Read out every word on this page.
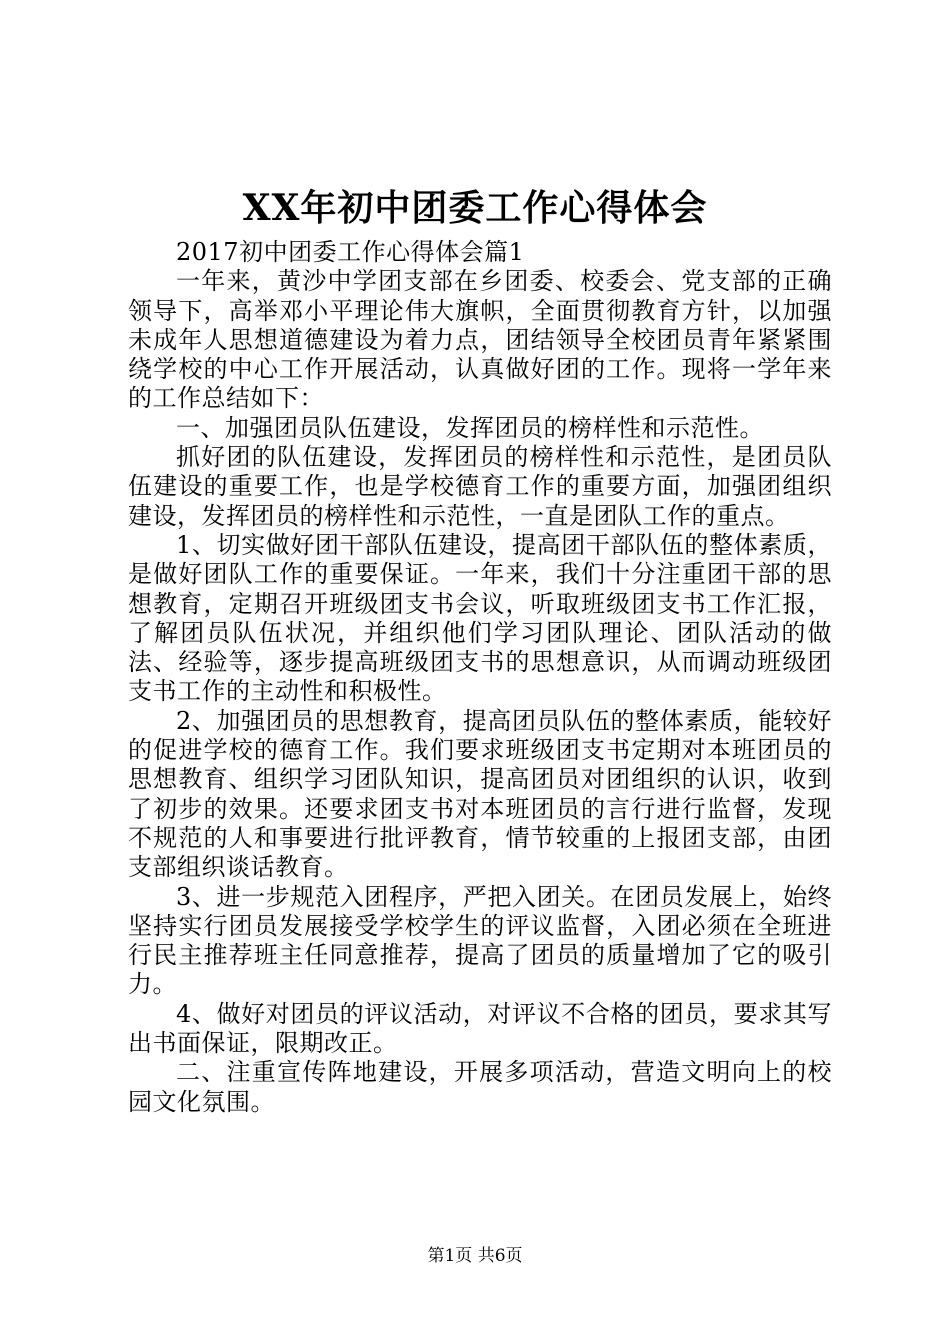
XX年初中团委工作心得体会

2017初中团委工作心得体会篇1

一年来，黄沙中学团支部在乡团委、校委会、党支部的正确领导下，高举邓小平理论伟大旗帜，全面贯彻教育方针，以加强未成年人思想道德建设为着力点，团结领导全校团员青年紧紧围绕学校的中心工作开展活动，认真做好团的工作。现将一学年来的工作总结如下：

一、加强团员队伍建设，发挥团员的榜样性和示范性。

抓好团的队伍建设，发挥团员的榜样性和示范性，是团员队伍建设的重要工作，也是学校德育工作的重要方面，加强团组织建设，发挥团员的榜样性和示范性，一直是团队工作的重点。

1、切实做好团干部队伍建设，提高团干部队伍的整体素质，是做好团队工作的重要保证。一年来，我们十分注重团干部的思想教育，定期召开班级团支书会议，听取班级团支书工作汇报，了解团员队伍状况，并组织他们学习团队理论、团队活动的做法、经验等，逐步提高班级团支书的思想意识，从而调动班级团支书工作的主动性和积极性。

2、加强团员的思想教育，提高团员队伍的整体素质，能较好的促进学校的德育工作。我们要求班级团支书定期对本班团员的思想教育、组织学习团队知识，提高团员对团组织的认识，收到了初步的效果。还要求团支书对本班团员的言行进行监督，发现不规范的人和事要进行批评教育，情节较重的上报团支部，由团支部组织谈话教育。

3、进一步规范入团程序，严把入团关。在团员发展上，始终坚持实行团员发展接受学校学生的评议监督，入团必须在全班进行民主推荐班主任同意推荐，提高了团员的质量增加了它的吸引力。

4、做好对团员的评议活动，对评议不合格的团员，要求其写出书面保证，限期改正。

二、注重宣传阵地建设，开展多项活动，营造文明向上的校园文化氛围。

第1页 共6页
